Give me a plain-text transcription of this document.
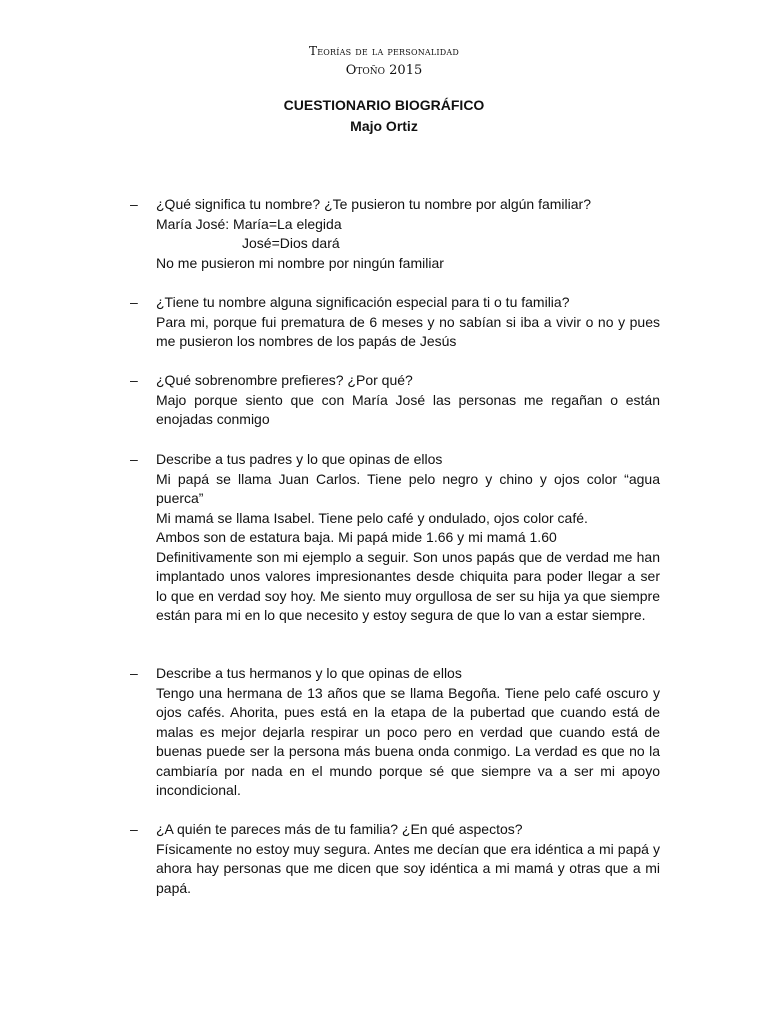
Teorías de la personalidad
Otoño 2015
CUESTIONARIO BIOGRÁFICO
Majo Ortiz
– ¿Qué significa tu nombre? ¿Te pusieron tu nombre por algún familiar?

María José: María=La elegida

José=Dios dará

No me pusieron mi nombre por ningún familiar

– ¿Tiene tu nombre alguna significación especial para ti o tu familia?

Para mi, porque fui prematura de 6 meses y no sabían si iba a vivir o no y pues me pusieron los nombres de los papás de Jesús

– ¿Qué sobrenombre prefieres? ¿Por qué?

Majo porque siento que con María José las personas me regañan o están enojadas conmigo

– Describe a tus padres y lo que opinas de ellos

Mi papá se llama Juan Carlos. Tiene pelo negro y chino y ojos color “agua puerca”

Mi mamá se llama Isabel. Tiene pelo café y ondulado, ojos color café.

Ambos son de estatura baja. Mi papá mide 1.66 y mi mamá 1.60

Definitivamente son mi ejemplo a seguir. Son unos papás que de verdad me han implantado unos valores impresionantes desde chiquita para poder llegar a ser lo que en verdad soy hoy. Me siento muy orgullosa de ser su hija ya que siempre están para mi en lo que necesito y estoy segura de que lo van a estar siempre.

– Describe a tus hermanos y lo que opinas de ellos

Tengo una hermana de 13 años que se llama Begoña. Tiene pelo café oscuro y ojos cafés. Ahorita, pues está en la etapa de la pubertad que cuando está de malas es mejor dejarla respirar un poco pero en verdad que cuando está de buenas puede ser la persona más buena onda conmigo. La verdad es que no la cambiaría por nada en el mundo porque sé que siempre va a ser mi apoyo incondicional.

– ¿A quién te pareces más de tu familia? ¿En qué aspectos?

Físicamente no estoy muy segura. Antes me decían que era idéntica a mi papá y ahora hay personas que me dicen que soy idéntica a mi mamá y otras que a mi papá.
